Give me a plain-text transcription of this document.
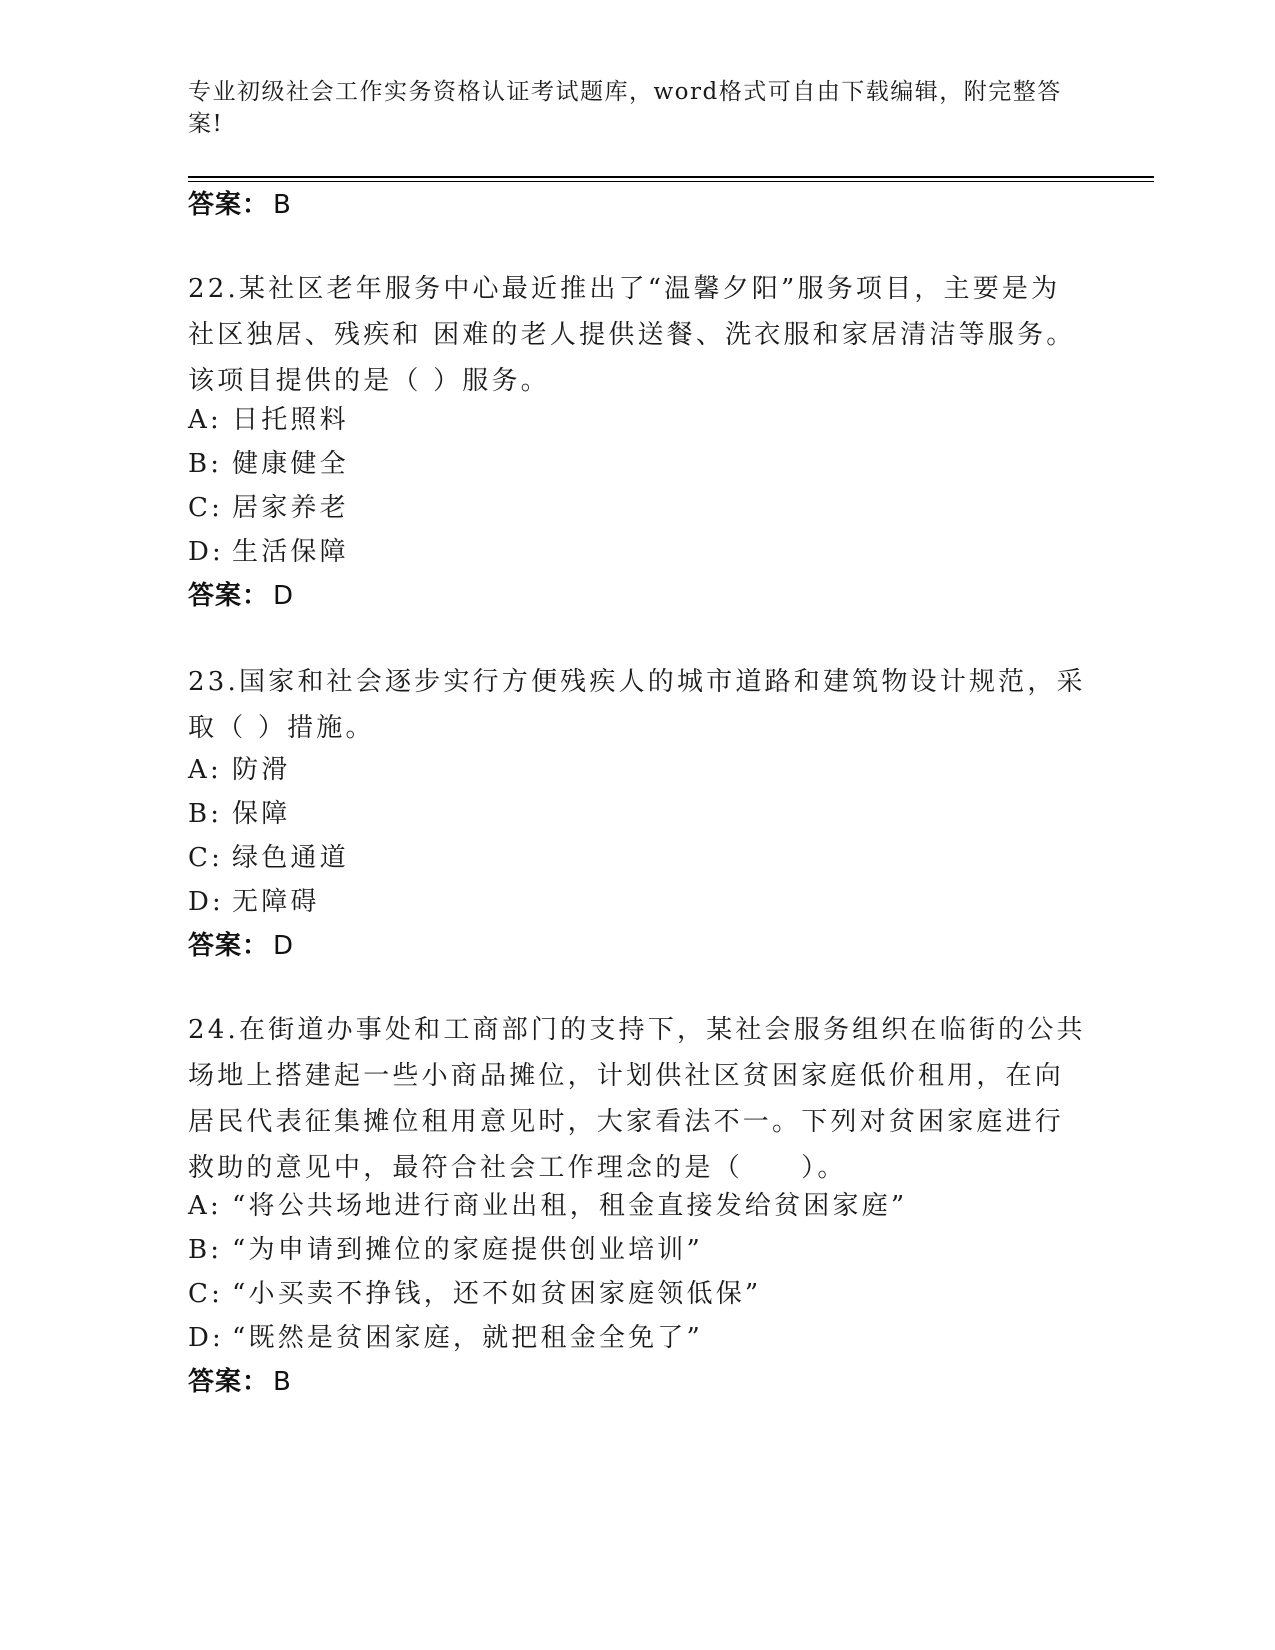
专业初级社会工作实务资格认证考试题库，word格式可自由下载编辑，附完整答案!
答案： B
22.某社区老年服务中心最近推出了“温馨夕阳”服务项目，主要是为社区独居、残疾和 困难的老人提供送餐、洗衣服和家居清洁等服务。该项目提供的是（ ）服务。
A: 日托照料
B: 健康健全
C: 居家养老
D: 生活保障
答案： D
23.国家和社会逐步实行方便残疾人的城市道路和建筑物设计规范，采取（ ）措施。
A: 防滑
B: 保障
C: 绿色通道
D: 无障碍
答案： D
24.在街道办事处和工商部门的支持下，某社会服务组织在临街的公共场地上搭建起一些小商品摊位，计划供社区贫困家庭低价租用，在向居民代表征集摊位租用意见时，大家看法不一。下列对贫困家庭进行救助的意见中，最符合社会工作理念的是（　　）。
A: “将公共场地进行商业出租，租金直接发给贫困家庭”
B: “为申请到摊位的家庭提供创业培训”
C: “小买卖不挣钱，还不如贫困家庭领低保”
D: “既然是贫困家庭，就把租金全免了”
答案： B
